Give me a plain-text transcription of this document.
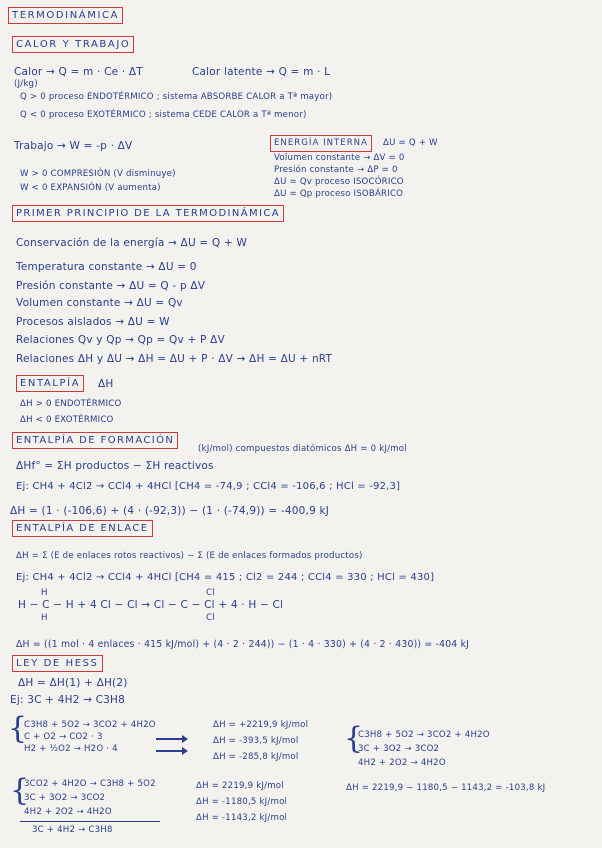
TERMODINÁMICA
CALOR Y TRABAJO
Calor → Q = m · Ce · ΔT	Calor latente → Q = m · L
(J/kg)
Q > 0 proceso ENDOTÉRMICO ; sistema ABSORBE CALOR a Tª mayor)
Q < 0 proceso EXOTÉRMICO ; sistema CEDE CALOR a Tª menor)
Trabajo → W = -p · ΔV
W > 0 COMPRESIÓN (V disminuye)
W < 0 EXPANSIÓN (V aumenta)
ENERGÍA INTERNA	ΔU = Q + W
Volumen constante → ΔV = 0
Presión constante → ΔP = 0
ΔU = Qv proceso ISOCÓRICO
ΔU = Qp proceso ISOBÁRICO
PRIMER PRINCIPIO DE LA TERMODINÁMICA
Conservación de la energía → ΔU = Q + W
Temperatura constante → ΔU = 0
Presión constante → ΔU = Q - p ΔV
Volumen constante → ΔU = Qv
Procesos aislados → ΔU = W
Relaciones Qv y Qp → Qp = Qv + P ΔV
Relaciones ΔH y ΔU → ΔH = ΔU + P · ΔV → ΔH = ΔU + nRT
ENTALPÍA	ΔH
ΔH > 0 ENDOTÉRMICO
ΔH < 0 EXOTÉRMICO
ENTALPÍA DE FORMACIÓN
(kJ/mol) compuestos diatómicos ΔH = 0 kJ/mol
ΔHf° = ΣH productos − ΣH reactivos
Ej: CH4 + 4Cl2 → CCl4 + 4HCl [CH4 = -74,9 ; CCl4 = -106,6 ; HCl = -92,3]
ΔH = (1 · (-106,6) + (4 · (-92,3)) − (1 · (-74,9)) = -400,9 kJ
ENTALPÍA DE ENLACE
ΔH = Σ (E de enlaces rotos reactivos) − Σ (E de enlaces formados productos)
Ej: CH4 + 4Cl2 → CCl4 + 4HCl [CH4 = 415 ; Cl2 = 244 ; CCl4 = 330 ; HCl = 430]
H	Cl
H − C − H + 4 Cl − Cl → Cl − C − Cl + 4 · H − Cl
H	Cl
ΔH = ((1 mol · 4 enlaces · 415 kJ/mol) + (4 · 2 · 244)) − (1 · 4 · 330) + (4 · 2 · 430)) = -404 kJ
LEY DE HESS
ΔH = ΔH(1) + ΔH(2)
Ej: 3C + 4H2 → C3H8
{
C3H8 + 5O2 → 3CO2 + 4H2O
C + O2 → CO2 · 3
H2 + ½O2 → H2O · 4
ΔH = +2219,9 kJ/mol
ΔH = -393,5 kJ/mol
ΔH = -285,8 kJ/mol
{
C3H8 + 5O2 → 3CO2 + 4H2O
3C + 3O2 → 3CO2
4H2 + 2O2 → 4H2O
{
3CO2 + 4H2O → C3H8 + 5O2
3C + 3O2 → 3CO2
4H2 + 2O2 → 4H2O
3C + 4H2 → C3H8
ΔH = 2219,9 kJ/mol
ΔH = -1180,5 kJ/mol
ΔH = -1143,2 kJ/mol
ΔH = 2219,9 − 1180,5 − 1143,2 = -103,8 kJ
